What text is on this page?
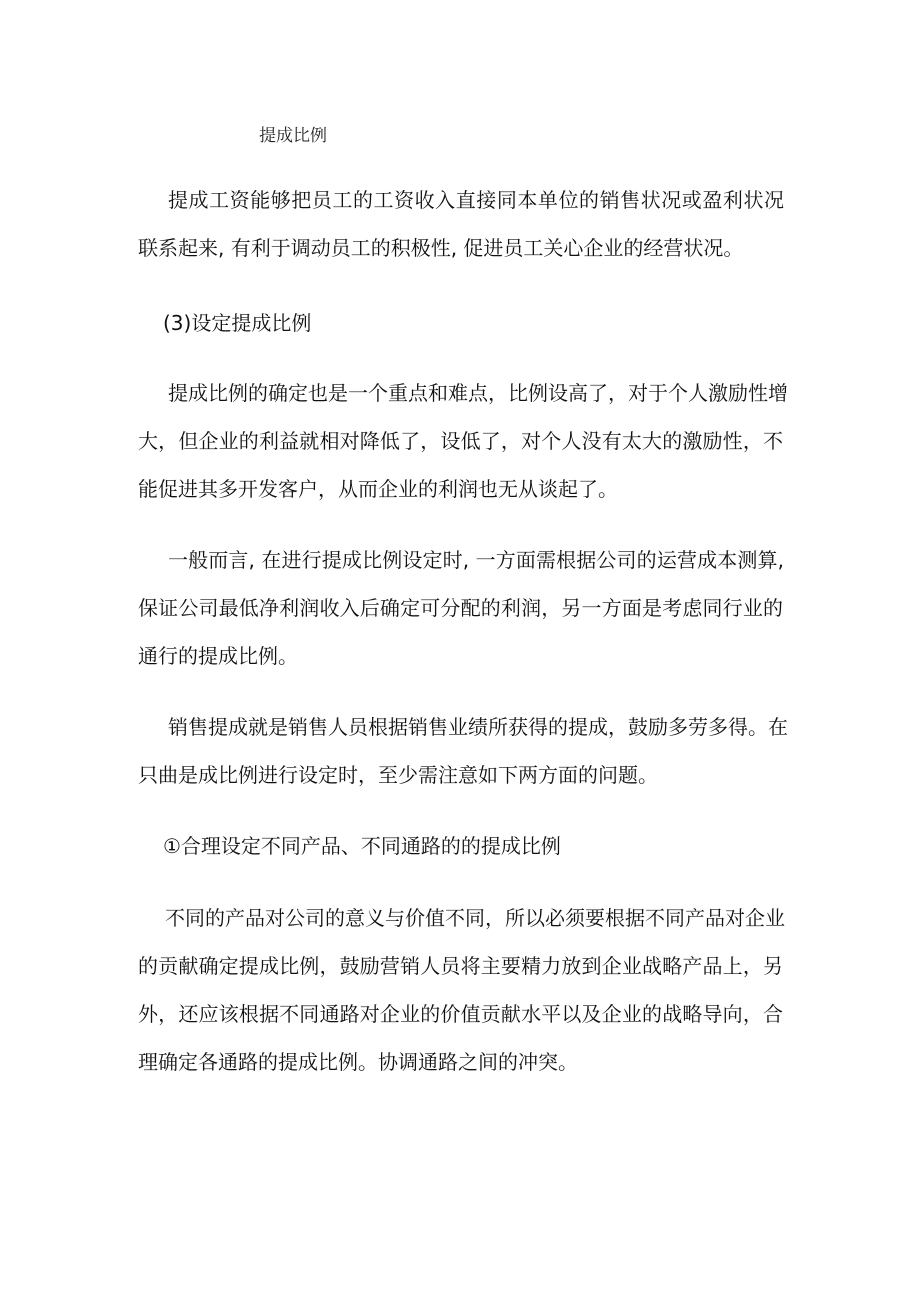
提成比例
提成工资能够把员工的工资收入直接同本单位的销售状况或盈利状况
联系起来, 有利于调动员工的积极性, 促进员工关心企业的经营状况。
(3)设定提成比例
提成比例的确定也是一个重点和难点，比例设高了，对于个人激励性增
大，但企业的利益就相对降低了，设低了，对个人没有太大的激励性，不
能促进其多开发客户，从而企业的利润也无从谈起了。
一般而言, 在进行提成比例设定时, 一方面需根据公司的运营成本测算,
保证公司最低净利润收入后确定可分配的利润，另一方面是考虑同行业的
通行的提成比例。
销售提成就是销售人员根据销售业绩所获得的提成，鼓励多劳多得。在
只曲是成比例进行设定时，至少需注意如下两方面的问题。
①合理设定不同产品、不同通路的的提成比例
不同的产品对公司的意义与价值不同，所以必须要根据不同产品对企业
的贡献确定提成比例，鼓励营销人员将主要精力放到企业战略产品上，另
外，还应该根据不同通路对企业的价值贡献水平以及企业的战略导向，合
理确定各通路的提成比例。协调通路之间的冲突。
